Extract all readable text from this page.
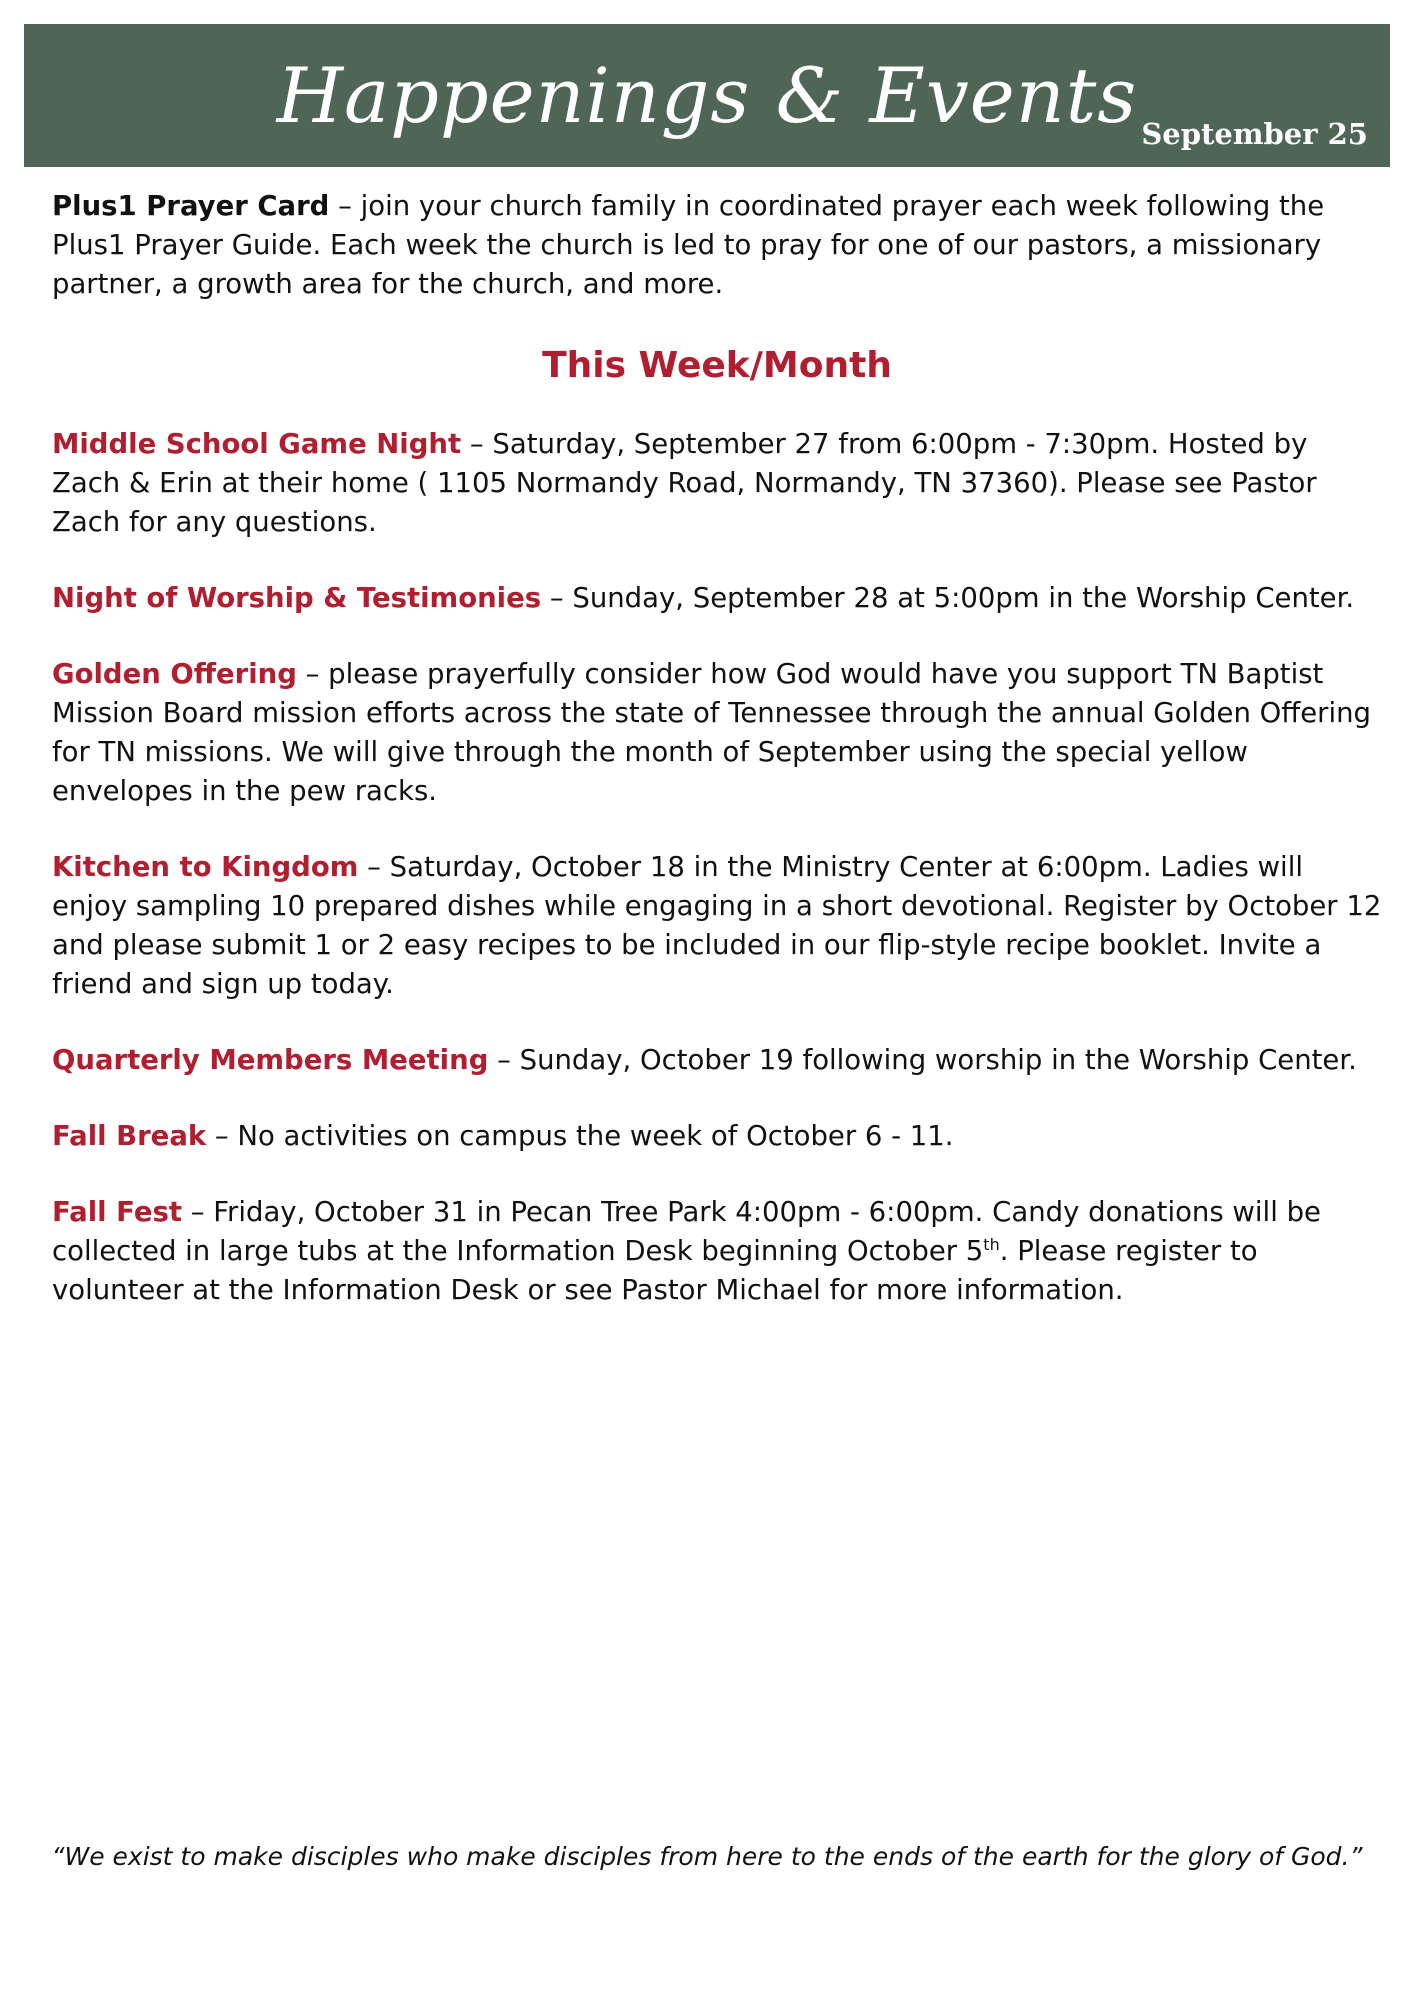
Happenings & Events September 25

Plus1 Prayer Card – join your church family in coordinated prayer each week following the Plus1 Prayer Guide. Each week the church is led to pray for one of our pastors, a missionary partner, a growth area for the church, and more.

This Week/Month

Middle School Game Night – Saturday, September 27 from 6:00pm - 7:30pm. Hosted by Zach & Erin at their home ( 1105 Normandy Road, Normandy, TN 37360). Please see Pastor Zach for any questions.

Night of Worship & Testimonies – Sunday, September 28 at 5:00pm in the Worship Center.

Golden Offering – please prayerfully consider how God would have you support TN Baptist Mission Board mission efforts across the state of Tennessee through the annual Golden Offering for TN missions. We will give through the month of September using the special yellow envelopes in the pew racks.

Kitchen to Kingdom – Saturday, October 18 in the Ministry Center at 6:00pm. Ladies will enjoy sampling 10 prepared dishes while engaging in a short devotional. Register by October 12 and please submit 1 or 2 easy recipes to be included in our flip-style recipe booklet. Invite a friend and sign up today.

Quarterly Members Meeting – Sunday, October 19 following worship in the Worship Center.

Fall Break – No activities on campus the week of October 6 - 11.

Fall Fest – Friday, October 31 in Pecan Tree Park 4:00pm - 6:00pm. Candy donations will be collected in large tubs at the Information Desk beginning October 5th. Please register to volunteer at the Information Desk or see Pastor Michael for more information.

“We exist to make disciples who make disciples from here to the ends of the earth for the glory of God.”
